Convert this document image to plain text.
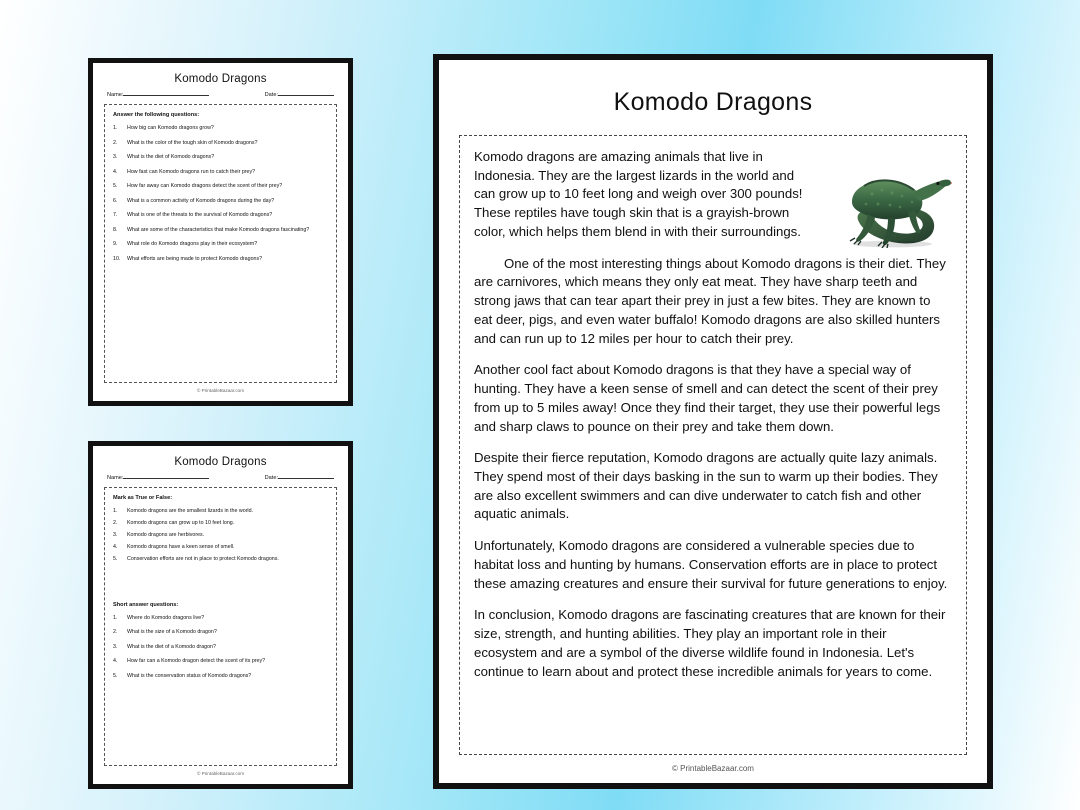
Komodo Dragons
Name:	Date:
Answer the following questions:
1.	How big can Komodo dragons grow?
2.	What is the color of the tough skin of Komodo dragons?
3.	What is the diet of Komodo dragons?
4.	How fast can Komodo dragons run to catch their prey?
5.	How far away can Komodo dragons detect the scent of their prey?
6.	What is a common activity of Komodo dragons during the day?
7.	What is one of the threats to the survival of Komodo dragons?
8.	What are some of the characteristics that make Komodo dragons fascinating?
9.	What role do Komodo dragons play in their ecosystem?
10.	What efforts are being made to protect Komodo dragons?
© PrintableBazaar.com
Komodo Dragons
Name:	Date:
Mark as True or False:
1.	Komodo dragons are the smallest lizards in the world.
2.	Komodo dragons can grow up to 10 feet long.
3.	Komodo dragons are herbivores.
4.	Komodo dragons have a keen sense of smell.
5.	Conservation efforts are not in place to protect Komodo dragons.
Short answer questions:
1.	Where do Komodo dragons live?
2.	What is the size of a Komodo dragon?
3.	What is the diet of a Komodo dragon?
4.	How far can a Komodo dragon detect the scent of its prey?
5.	What is the conservation status of Komodo dragons?
© PrintableBazaar.com
Komodo Dragons

Komodo dragons are amazing animals that live in Indonesia. They are the largest lizards in the world and can grow up to 10 feet long and weigh over 300 pounds! These reptiles have tough skin that is a grayish-brown color, which helps them blend in with their surroundings.

One of the most interesting things about Komodo dragons is their diet. They are carnivores, which means they only eat meat. They have sharp teeth and strong jaws that can tear apart their prey in just a few bites. They are known to eat deer, pigs, and even water buffalo! Komodo dragons are also skilled hunters and can run up to 12 miles per hour to catch their prey.

Another cool fact about Komodo dragons is that they have a special way of hunting. They have a keen sense of smell and can detect the scent of their prey from up to 5 miles away! Once they find their target, they use their powerful legs and sharp claws to pounce on their prey and take them down.

Despite their fierce reputation, Komodo dragons are actually quite lazy animals. They spend most of their days basking in the sun to warm up their bodies. They are also excellent swimmers and can dive underwater to catch fish and other aquatic animals.

Unfortunately, Komodo dragons are considered a vulnerable species due to habitat loss and hunting by humans. Conservation efforts are in place to protect these amazing creatures and ensure their survival for future generations to enjoy.

In conclusion, Komodo dragons are fascinating creatures that are known for their size, strength, and hunting abilities. They play an important role in their ecosystem and are a symbol of the diverse wildlife found in Indonesia. Let's continue to learn about and protect these incredible animals for years to come.

© PrintableBazaar.com
